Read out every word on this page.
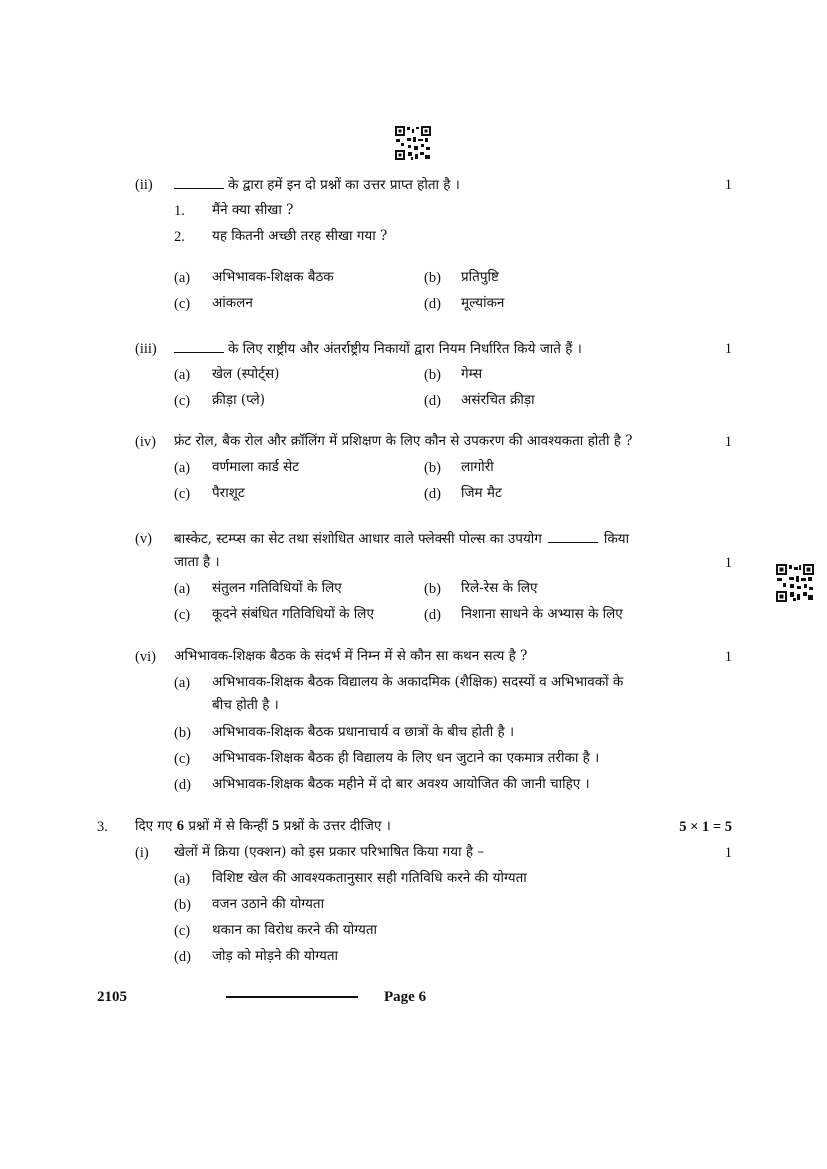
(ii)	के द्वारा हमें इन दो प्रश्नों का उत्तर प्राप्त होता है ।	1
1. मैंने क्या सीखा ?
2. यह कितनी अच्छी तरह सीखा गया ?
(a) अभिभावक-शिक्षक बैठक	(b) प्रतिपुष्टि
(c) आंकलन	(d) मूल्यांकन
(iii)	के लिए राष्ट्रीय और अंतर्राष्ट्रीय निकायों द्वारा नियम निर्धारित किये जाते हैं ।	1
(a) खेल (स्पोर्ट्स)	(b) गेम्स
(c) क्रीड़ा (प्ले)	(d) असंरचित क्रीड़ा
(iv) फ्रंट रोल, बैक रोल और क्रॉलिंग में प्रशिक्षण के लिए कौन से उपकरण की आवश्यकता होती है ?	1
(a) वर्णमाला कार्ड सेट	(b) लागोरी
(c) पैराशूट	(d) जिम मैट
(v) बास्केट, स्टम्प्स का सेट तथा संशोधित आधार वाले फ्लेक्सी पोल्स का उपयोग	किया
जाता है ।	1
(a) संतुलन गतिविधियों के लिए	(b) रिले-रेस के लिए
(c) कूदने संबंधित गतिविधियों के लिए	(d) निशाना साधने के अभ्यास के लिए
(vi) अभिभावक-शिक्षक बैठक के संदर्भ में निम्न में से कौन सा कथन सत्य है ?	1
(a) अभिभावक-शिक्षक बैठक विद्यालय के अकादमिक (शैक्षिक) सदस्यों व अभिभावकों के
बीच होती है ।
(b) अभिभावक-शिक्षक बैठक प्रधानाचार्य व छात्रों के बीच होती है ।
(c) अभिभावक-शिक्षक बैठक ही विद्यालय के लिए धन जुटाने का एकमात्र तरीका है ।
(d) अभिभावक-शिक्षक बैठक महीने में दो बार अवश्य आयोजित की जानी चाहिए ।
3. दिए गए 6 प्रश्नों में से किन्हीं 5 प्रश्नों के उत्तर दीजिए ।	5 × 1 = 5
(i) खेलों में क्रिया (एक्शन) को इस प्रकार परिभाषित किया गया है –	1
(a) विशिष्ट खेल की आवश्यकतानुसार सही गतिविधि करने की योग्यता
(b) वजन उठाने की योग्यता
(c) थकान का विरोध करने की योग्यता
(d) जोड़ को मोड़ने की योग्यता
2105	Page 6
